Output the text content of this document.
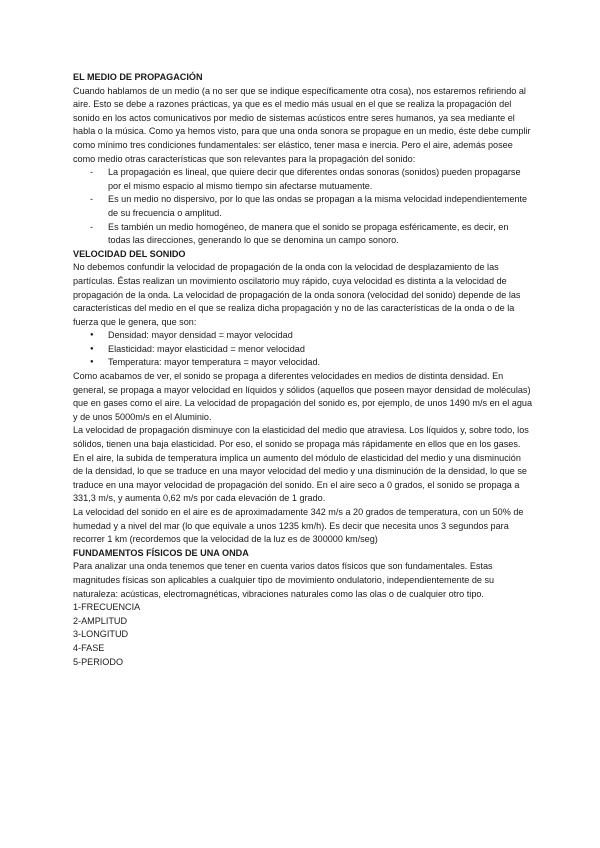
EL MEDIO DE PROPAGACIÓN

Cuando hablamos de un medio (a no ser que se indique específicamente otra cosa), nos estaremos refiriendo al aire. Esto se debe a razones prácticas, ya que es el medio más usual en el que se realiza la propagación del sonido en los actos comunicativos por medio de sistemas acústicos entre seres humanos, ya sea mediante el habla o la música. Como ya hemos visto, para que una onda sonora se propague en un medio, éste debe cumplir como mínimo tres condiciones fundamentales: ser elástico, tener masa e inercia. Pero el aire, además posee como medio otras características que son relevantes para la propagación del sonido:

- La propagación es lineal, que quiere decir que diferentes ondas sonoras (sonidos) pueden propagarse por el mismo espacio al mismo tiempo sin afectarse mutuamente.
- Es un medio no dispersivo, por lo que las ondas se propagan a la misma velocidad independientemente de su frecuencia o amplitud.
- Es también un medio homogéneo, de manera que el sonido se propaga esféricamente, es decir, en todas las direcciones, generando lo que se denomina un campo sonoro.

VELOCIDAD DEL SONIDO

No debemos confundir la velocidad de propagación de la onda con la velocidad de desplazamiento de las partículas. Éstas realizan un movimiento oscilatorio muy rápido, cuya velocidad es distinta a la velocidad de propagación de la onda. La velocidad de propagación de la onda sonora (velocidad del sonido) depende de las características del medio en el que se realiza dicha propagación y no de las características de la onda o de la fuerza que le genera, que son:

● Densidad: mayor densidad = mayor velocidad
● Elasticidad: mayor elasticidad = menor velocidad
● Temperatura: mayor temperatura = mayor velocidad.

Como acabamos de ver, el sonido se propaga a diferentes velocidades en medios de distinta densidad. En general, se propaga a mayor velocidad en líquidos y sólidos (aquellos que poseen mayor densidad de moléculas) que en gases como el aire. La velocidad de propagación del sonido es, por ejemplo, de unos 1490 m/s en el agua y de unos 5000m/s en el Aluminio.

La velocidad de propagación disminuye con la elasticidad del medio que atraviesa. Los líquidos y, sobre todo, los sólidos, tienen una baja elasticidad. Por eso, el sonido se propaga más rápidamente en ellos que en los gases.

En el aire, la subida de temperatura implica un aumento del módulo de elasticidad del medio y una disminución de la densidad, lo que se traduce en una mayor velocidad del medio y una disminución de la densidad, lo que se traduce en una mayor velocidad de propagación del sonido. En el aire seco a 0 grados, el sonido se propaga a 331,3 m/s, y aumenta 0,62 m/s por cada elevación de 1 grado.

La velocidad del sonido en el aire es de aproximadamente 342 m/s a 20 grados de temperatura, con un 50% de humedad y a nivel del mar (lo que equivale a unos 1235 km/h). Es decir que necesita unos 3 segundos para recorrer 1 km (recordemos que la velocidad de la luz es de 300000 km/seg)

FUNDAMENTOS FÍSICOS DE UNA ONDA

Para analizar una onda tenemos que tener en cuenta varios datos físicos que son fundamentales. Estas magnitudes físicas son aplicables a cualquier tipo de movimiento ondulatorio, independientemente de su naturaleza: acústicas, electromagnéticas, vibraciones naturales como las olas o de cualquier otro tipo.

1-FRECUENCIA

2-AMPLITUD

3-LONGITUD

4-FASE

5-PERIODO
